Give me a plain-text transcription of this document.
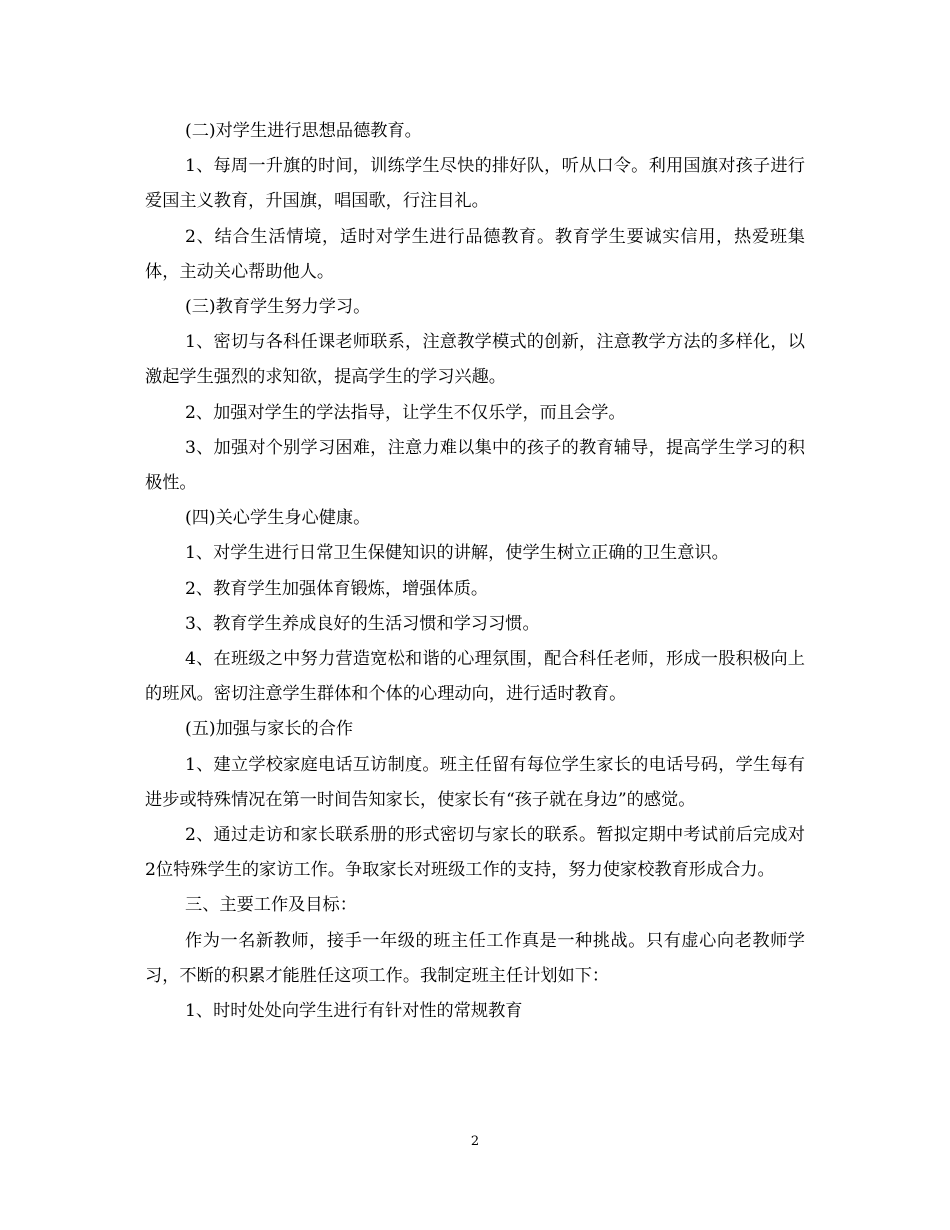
(二)对学生进行思想品德教育。

1、每周一升旗的时间，训练学生尽快的排好队，听从口令。利用国旗对孩子进行爱国主义教育，升国旗，唱国歌，行注目礼。

2、结合生活情境，适时对学生进行品德教育。教育学生要诚实信用，热爱班集体，主动关心帮助他人。

(三)教育学生努力学习。

1、密切与各科任课老师联系，注意教学模式的创新，注意教学方法的多样化，以激起学生强烈的求知欲，提高学生的学习兴趣。

2、加强对学生的学法指导，让学生不仅乐学，而且会学。

3、加强对个别学习困难，注意力难以集中的孩子的教育辅导，提高学生学习的积极性。

(四)关心学生身心健康。

1、对学生进行日常卫生保健知识的讲解，使学生树立正确的卫生意识。

2、教育学生加强体育锻炼，增强体质。

3、教育学生养成良好的生活习惯和学习习惯。

4、在班级之中努力营造宽松和谐的心理氛围，配合科任老师，形成一股积极向上的班风。密切注意学生群体和个体的心理动向，进行适时教育。

(五)加强与家长的合作

1、建立学校家庭电话互访制度。班主任留有每位学生家长的电话号码，学生每有进步或特殊情况在第一时间告知家长，使家长有“孩子就在身边”的感觉。

2、通过走访和家长联系册的形式密切与家长的联系。暂拟定期中考试前后完成对2位特殊学生的家访工作。争取家长对班级工作的支持，努力使家校教育形成合力。

三、主要工作及目标：

作为一名新教师，接手一年级的班主任工作真是一种挑战。只有虚心向老教师学习，不断的积累才能胜任这项工作。我制定班主任计划如下：

1、时时处处向学生进行有针对性的常规教育

2
